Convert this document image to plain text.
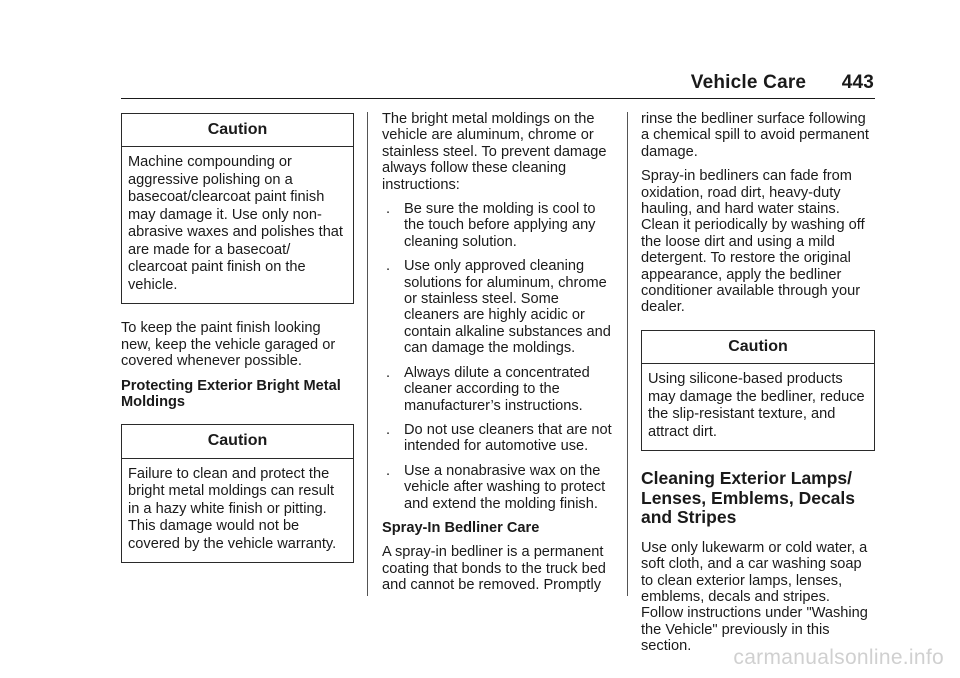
Vehicle Care 443
Caution
Machine compounding or aggressive polishing on a basecoat/clearcoat paint finish may damage it. Use only non-abrasive waxes and polishes that are made for a basecoat/ clearcoat paint finish on the vehicle.

To keep the paint finish looking new, keep the vehicle garaged or covered whenever possible.

Protecting Exterior Bright Metal Moldings

Caution
Failure to clean and protect the bright metal moldings can result in a hazy white finish or pitting. This damage would not be covered by the vehicle warranty.

The bright metal moldings on the vehicle are aluminum, chrome or stainless steel. To prevent damage always follow these cleaning instructions:

. Be sure the molding is cool to the touch before applying any cleaning solution.
. Use only approved cleaning solutions for aluminum, chrome or stainless steel. Some cleaners are highly acidic or contain alkaline substances and can damage the moldings.
. Always dilute a concentrated cleaner according to the manufacturer’s instructions.
. Do not use cleaners that are not intended for automotive use.
. Use a nonabrasive wax on the vehicle after washing to protect and extend the molding finish.

Spray-In Bedliner Care

A spray-in bedliner is a permanent coating that bonds to the truck bed and cannot be removed. Promptly

rinse the bedliner surface following a chemical spill to avoid permanent damage.

Spray-in bedliners can fade from oxidation, road dirt, heavy-duty hauling, and hard water stains. Clean it periodically by washing off the loose dirt and using a mild detergent. To restore the original appearance, apply the bedliner conditioner available through your dealer.

Caution
Using silicone-based products may damage the bedliner, reduce the slip-resistant texture, and attract dirt.
Cleaning Exterior Lamps/ Lenses, Emblems, Decals and Stripes

Use only lukewarm or cold water, a soft cloth, and a car washing soap to clean exterior lamps, lenses, emblems, decals and stripes. Follow instructions under "Washing the Vehicle" previously in this section.	carmanualsonline.info
